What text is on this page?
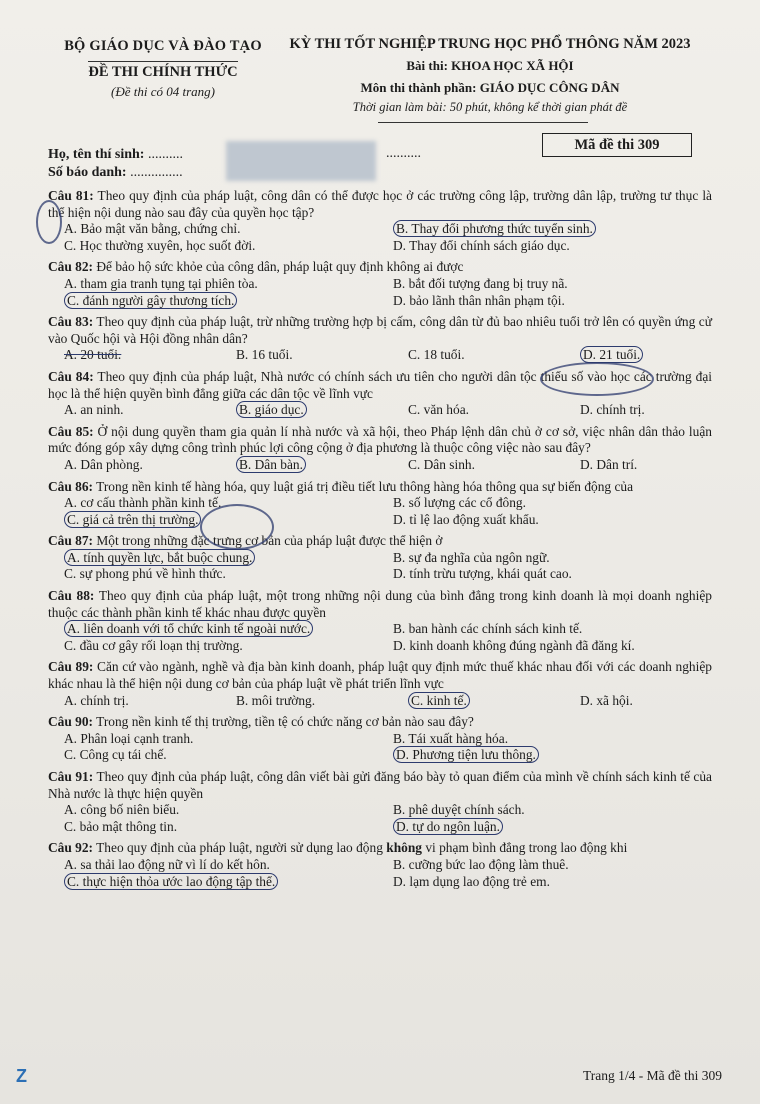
BỘ GIÁO DỤC VÀ ĐÀO TẠO
ĐỀ THI CHÍNH THỨC
(Đề thi có 04 trang)
KỲ THI TỐT NGHIỆP TRUNG HỌC PHỔ THÔNG NĂM 2023
Bài thi: KHOA HỌC XÃ HỘI
Môn thi thành phần: GIÁO DỤC CÔNG DÂN
Thời gian làm bài: 50 phút, không kể thời gian phát đề
Họ, tên thí sinh: ..........
Số báo danh: ...............
..........
Mã đề thi 309
Câu 81: Theo quy định của pháp luật, công dân có thể được học ở các trường công lập, trường dân lập, trường tư thục là thể hiện nội dung nào sau đây của quyền học tập?
A. Bảo mật văn bằng, chứng chỉ.	B. Thay đổi phương thức tuyển sinh.
C. Học thường xuyên, học suốt đời.	D. Thay đổi chính sách giáo dục.
Câu 82: Để bảo hộ sức khỏe của công dân, pháp luật quy định không ai được
A. tham gia tranh tụng tại phiên tòa.	B. bắt đối tượng đang bị truy nã.
C. đánh người gây thương tích.	D. bảo lãnh thân nhân phạm tội.
Câu 83: Theo quy định của pháp luật, trừ những trường hợp bị cấm, công dân từ đủ bao nhiêu tuổi trở lên có quyền ứng cử vào Quốc hội và Hội đồng nhân dân?
A. 20 tuổi.	B. 16 tuổi.	C. 18 tuổi.	D. 21 tuổi.
Câu 84: Theo quy định của pháp luật, Nhà nước có chính sách ưu tiên cho người dân tộc thiểu số vào học các trường đại học là thể hiện quyền bình đẳng giữa các dân tộc về lĩnh vực
A. an ninh.	B. giáo dục.	C. văn hóa.	D. chính trị.
Câu 85: Ở nội dung quyền tham gia quản lí nhà nước và xã hội, theo Pháp lệnh dân chủ ở cơ sở, việc nhân dân thảo luận mức đóng góp xây dựng công trình phúc lợi công cộng ở địa phương là thuộc công việc nào sau đây?
A. Dân phòng.	B. Dân bàn.	C. Dân sinh.	D. Dân trí.
Câu 86: Trong nền kinh tế hàng hóa, quy luật giá trị điều tiết lưu thông hàng hóa thông qua sự biến động của
A. cơ cấu thành phần kinh tế.	B. số lượng các cổ đông.
C. giá cả trên thị trường.	D. tỉ lệ lao động xuất khẩu.
Câu 87: Một trong những đặc trưng cơ bản của pháp luật được thể hiện ở
A. tính quyền lực, bắt buộc chung.	B. sự đa nghĩa của ngôn ngữ.
C. sự phong phú về hình thức.	D. tính trừu tượng, khái quát cao.
Câu 88: Theo quy định của pháp luật, một trong những nội dung của bình đẳng trong kinh doanh là mọi doanh nghiệp thuộc các thành phần kinh tế khác nhau được quyền
A. liên doanh với tổ chức kinh tế ngoài nước.	B. ban hành các chính sách kinh tế.
C. đầu cơ gây rối loạn thị trường.	D. kinh doanh không đúng ngành đã đăng kí.
Câu 89: Căn cứ vào ngành, nghề và địa bàn kinh doanh, pháp luật quy định mức thuế khác nhau đối với các doanh nghiệp khác nhau là thể hiện nội dung cơ bản của pháp luật về phát triển lĩnh vực
A. chính trị.	B. môi trường.	C. kinh tế.	D. xã hội.
Câu 90: Trong nền kinh tế thị trường, tiền tệ có chức năng cơ bản nào sau đây?
A. Phân loại cạnh tranh.	B. Tái xuất hàng hóa.
C. Công cụ tái chế.	D. Phương tiện lưu thông.
Câu 91: Theo quy định của pháp luật, công dân viết bài gửi đăng báo bày tỏ quan điểm của mình về chính sách kinh tế của Nhà nước là thực hiện quyền
A. công bố niên biểu.	B. phê duyệt chính sách.
C. bảo mật thông tin.	D. tự do ngôn luận.
Câu 92: Theo quy định của pháp luật, người sử dụng lao động không vi phạm bình đẳng trong lao động khi
A. sa thải lao động nữ vì lí do kết hôn.	B. cưỡng bức lao động làm thuê.
C. thực hiện thỏa ước lao động tập thể.	D. lạm dụng lao động trẻ em.
Z	Trang 1/4 - Mã đề thi 309
